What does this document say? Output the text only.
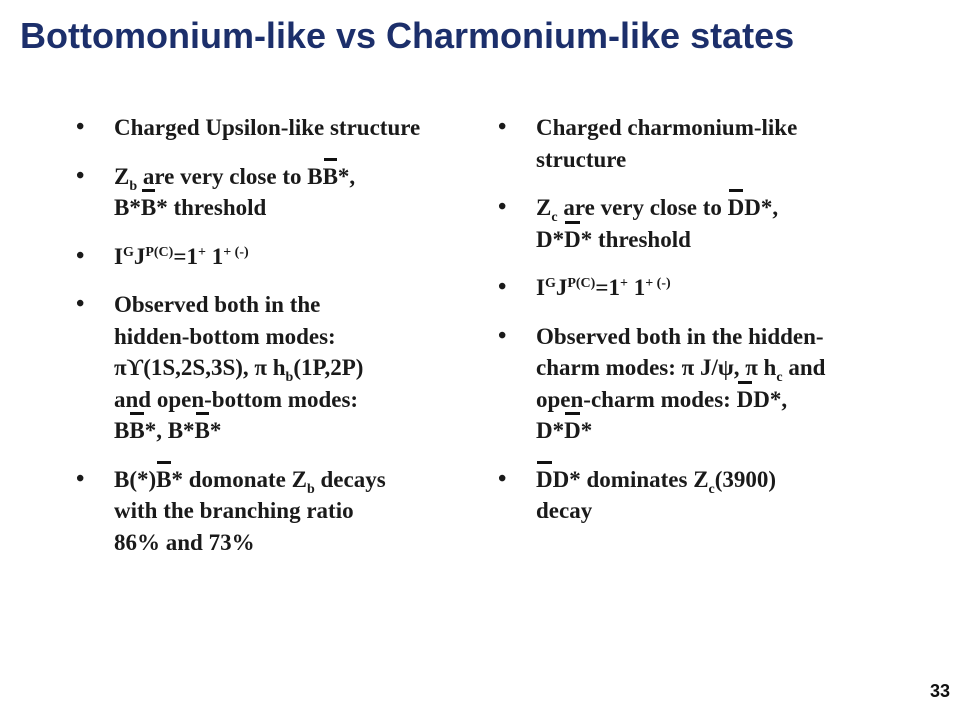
Bottomonium-like vs Charmonium-like states
• Charged Upsilon-like structure
• $Z_b$ are very close to BB*,
B*B* threshold
• $I^GJ^{P(C)}=1^+$ 1+ (-)
• Observed both in the
hidden-bottom modes:
πϒ(1S,2S,3S), π $h_b(1P,2P)$
and open-bottom modes:
BB*, B*B*
• B(*)B* domonate $Z_b$ decays
with the branching ratio
86% and 73%
• Charged charmonium-like structure
• $Z_c$ are very close to DD*,
D*D* threshold
• $I^GJ^{P(C)}=1^+$ 1+ (-)
• Observed both in the hidden-
charm modes: π J/ψ, π $h_c$ and
open-charm modes: DD*,
D*D*
• DD* dominates $Z_c(3900)$
decay
33
